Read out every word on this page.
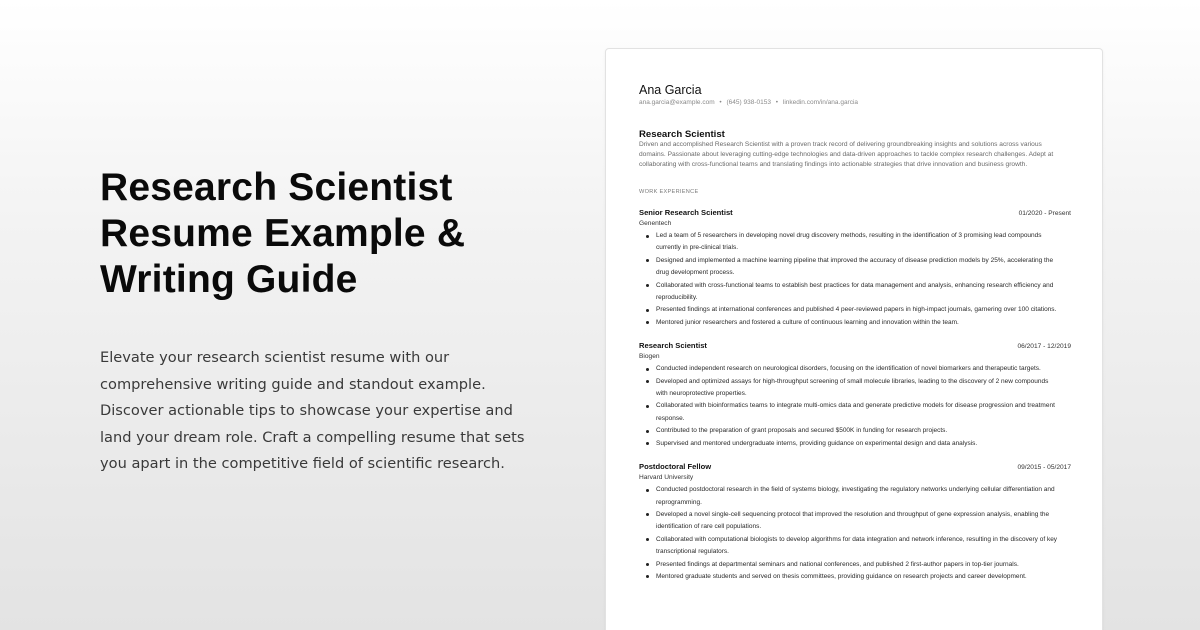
Research Scientist
Resume Example &
Writing Guide

Elevate your research scientist resume with our comprehensive writing guide and standout example. Discover actionable tips to showcase your expertise and land your dream role. Craft a compelling resume that sets you apart in the competitive field of scientific research.

Ana Garcia
ana.garcia@example.com • (645) 938-0153 • linkedin.com/in/ana.garcia
Research Scientist
Driven and accomplished Research Scientist with a proven track record of delivering groundbreaking insights and solutions across various domains. Passionate about leveraging cutting-edge technologies and data-driven approaches to tackle complex research challenges. Adept at collaborating with cross-functional teams and translating findings into actionable strategies that drive innovation and business growth.
WORK EXPERIENCE
Senior Research Scientist	01/2020 - Present
Genentech
Led a team of 5 researchers in developing novel drug discovery methods, resulting in the identification of 3 promising lead compounds currently in pre-clinical trials.
Designed and implemented a machine learning pipeline that improved the accuracy of disease prediction models by 25%, accelerating the drug development process.
Collaborated with cross-functional teams to establish best practices for data management and analysis, enhancing research efficiency and reproducibility.
Presented findings at international conferences and published 4 peer-reviewed papers in high-impact journals, garnering over 100 citations.
Mentored junior researchers and fostered a culture of continuous learning and innovation within the team.
Research Scientist	06/2017 - 12/2019
Biogen
Conducted independent research on neurological disorders, focusing on the identification of novel biomarkers and therapeutic targets.
Developed and optimized assays for high-throughput screening of small molecule libraries, leading to the discovery of 2 new compounds with neuroprotective properties.
Collaborated with bioinformatics teams to integrate multi-omics data and generate predictive models for disease progression and treatment response.
Contributed to the preparation of grant proposals and secured $500K in funding for research projects.
Supervised and mentored undergraduate interns, providing guidance on experimental design and data analysis.
Postdoctoral Fellow	09/2015 - 05/2017
Harvard University
Conducted postdoctoral research in the field of systems biology, investigating the regulatory networks underlying cellular differentiation and reprogramming.
Developed a novel single-cell sequencing protocol that improved the resolution and throughput of gene expression analysis, enabling the identification of rare cell populations.
Collaborated with computational biologists to develop algorithms for data integration and network inference, resulting in the discovery of key transcriptional regulators.
Presented findings at departmental seminars and national conferences, and published 2 first-author papers in top-tier journals.
Mentored graduate students and served on thesis committees, providing guidance on research projects and career development.
